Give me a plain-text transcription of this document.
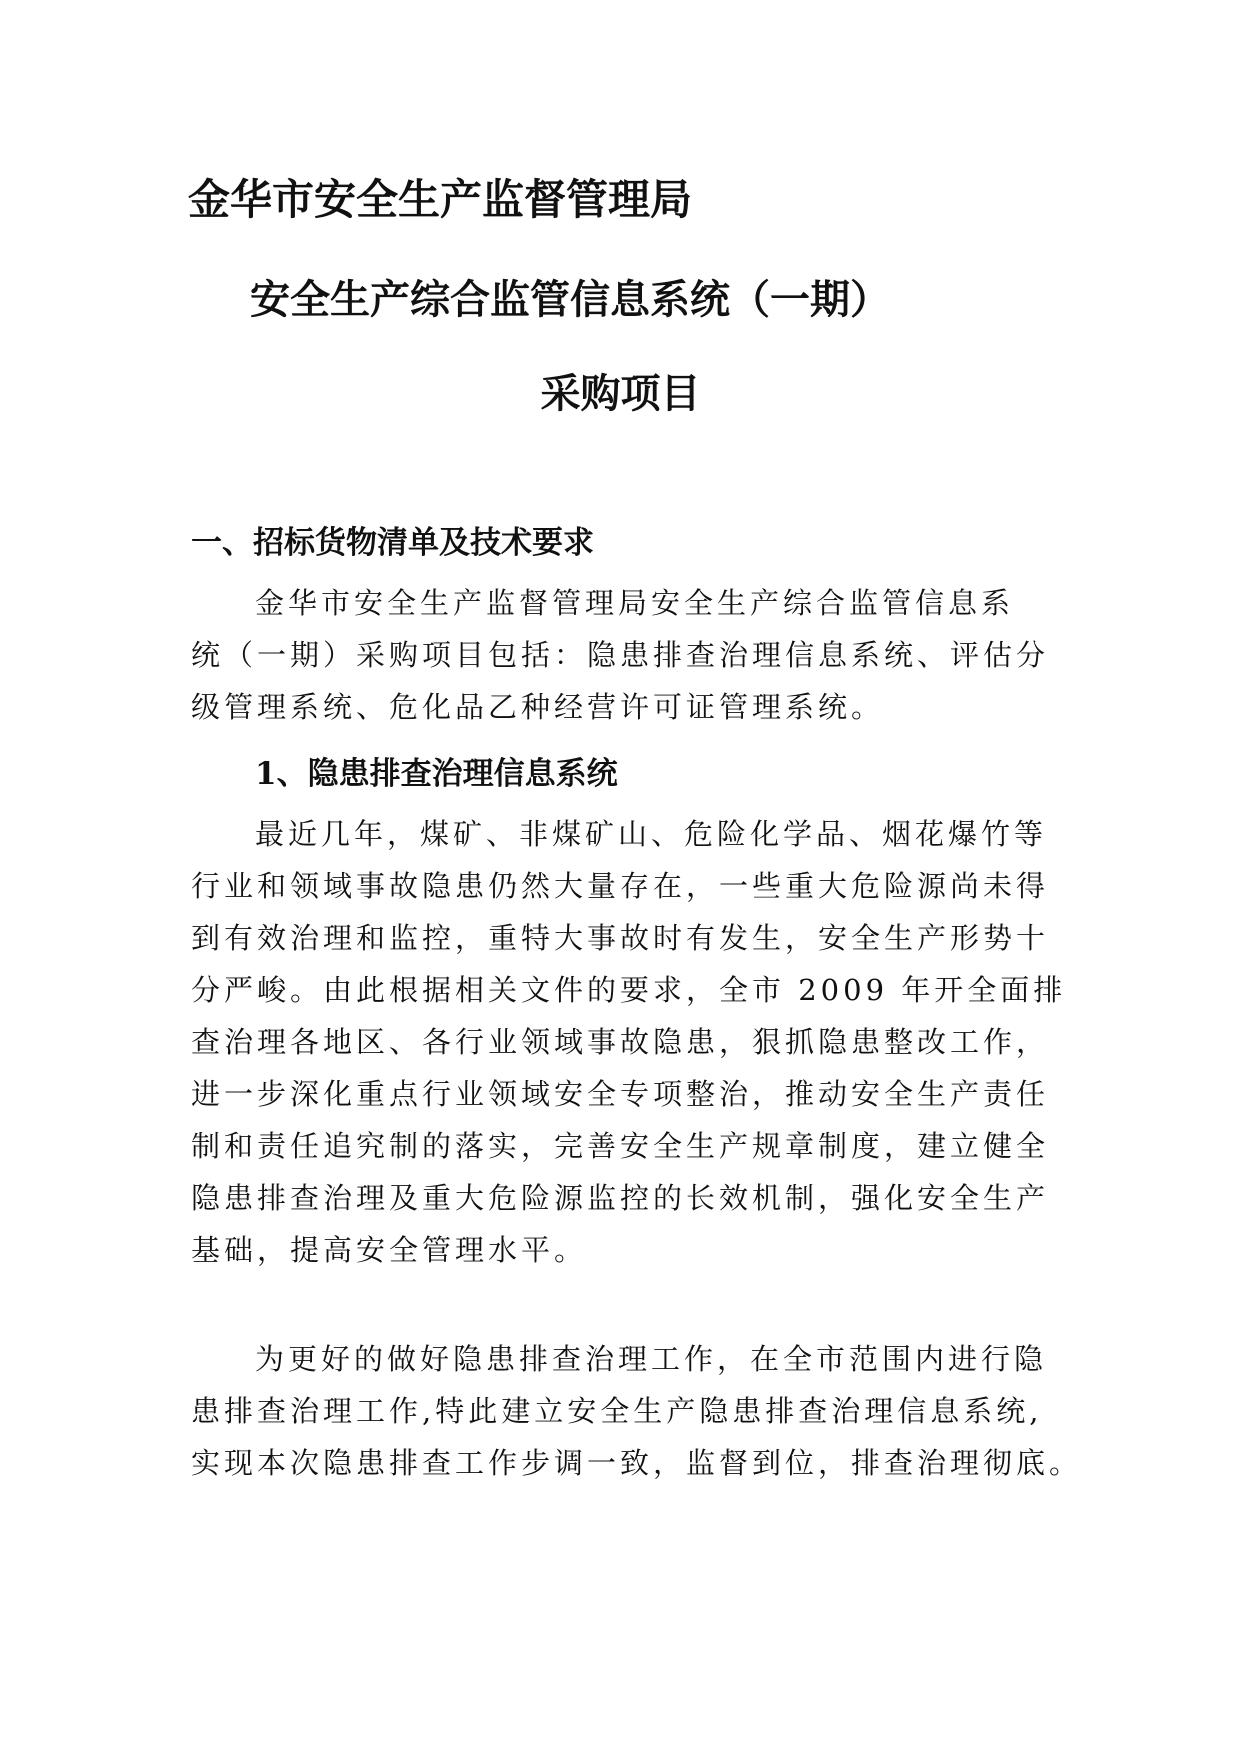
金华市安全生产监督管理局
安全生产综合监管信息系统（一期）
采购项目
一、招标货物清单及技术要求

金华市安全生产监督管理局安全生产综合监管信息系
统（一期）采购项目包括：隐患排查治理信息系统、评估分
级管理系统、危化品乙种经营许可证管理系统。

1、隐患排查治理信息系统

最近几年，煤矿、非煤矿山、危险化学品、烟花爆竹等
行业和领域事故隐患仍然大量存在，一些重大危险源尚未得
到有效治理和监控，重特大事故时有发生，安全生产形势十
分严峻。由此根据相关文件的要求，全市 2009 年开全面排
查治理各地区、各行业领域事故隐患，狠抓隐患整改工作，
进一步深化重点行业领域安全专项整治，推动安全生产责任
制和责任追究制的落实，完善安全生产规章制度，建立健全
隐患排查治理及重大危险源监控的长效机制，强化安全生产
基础，提高安全管理水平。

为更好的做好隐患排查治理工作，在全市范围内进行隐
患排查治理工作,特此建立安全生产隐患排查治理信息系统,
实现本次隐患排查工作步调一致，监督到位，排查治理彻底。
